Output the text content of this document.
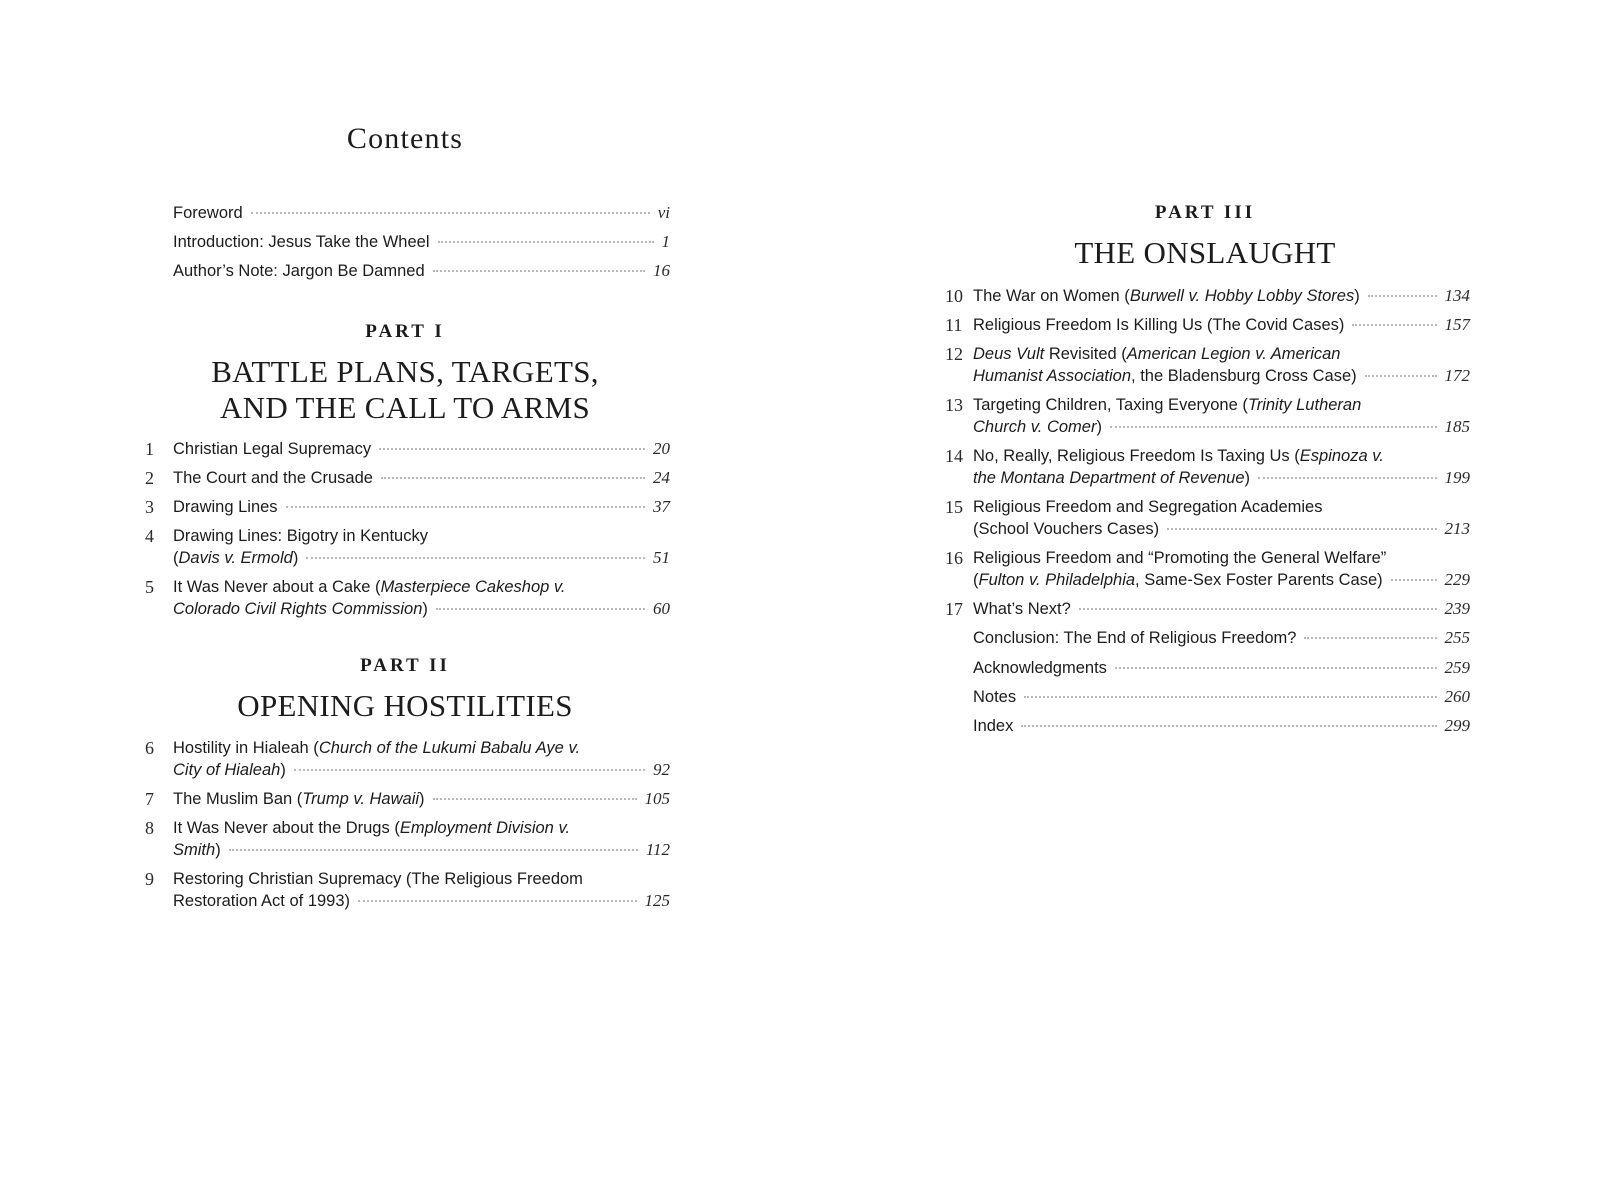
Contents
Foreword	vi
Introduction: Jesus Take the Wheel	1
Author’s Note: Jargon Be Damned	16
PART I
BATTLE PLANS, TARGETS,
AND THE CALL TO ARMS
1	Christian Legal Supremacy	20
2	The Court and the Crusade	24
3	Drawing Lines	37
4	Drawing Lines: Bigotry in Kentucky
(Davis v. Ermold)	51
5	It Was Never about a Cake (Masterpiece Cakeshop v.
Colorado Civil Rights Commission)	60
PART II
OPENING HOSTILITIES
6	Hostility in Hialeah (Church of the Lukumi Babalu Aye v.
City of Hialeah)	92
7	The Muslim Ban (Trump v. Hawaii)	105
8	It Was Never about the Drugs (Employment Division v.
Smith)	112
9	Restoring Christian Supremacy (The Religious Freedom
Restoration Act of 1993)	125
PART III
THE ONSLAUGHT
10 The War on Women (Burwell v. Hobby Lobby Stores)	134
11 Religious Freedom Is Killing Us (The Covid Cases)	157
12 Deus Vult Revisited (American Legion v. American
Humanist Association, the Bladensburg Cross Case)	172
13 Targeting Children, Taxing Everyone (Trinity Lutheran
Church v. Comer)	185
14 No, Really, Religious Freedom Is Taxing Us (Espinoza v.
the Montana Department of Revenue)	199
15 Religious Freedom and Segregation Academies
(School Vouchers Cases)	213
16 Religious Freedom and “Promoting the General Welfare”
(Fulton v. Philadelphia, Same-Sex Foster Parents Case)	229
17 What’s Next?	239
Conclusion: The End of Religious Freedom?	255
Acknowledgments	259
Notes	260
Index	299
